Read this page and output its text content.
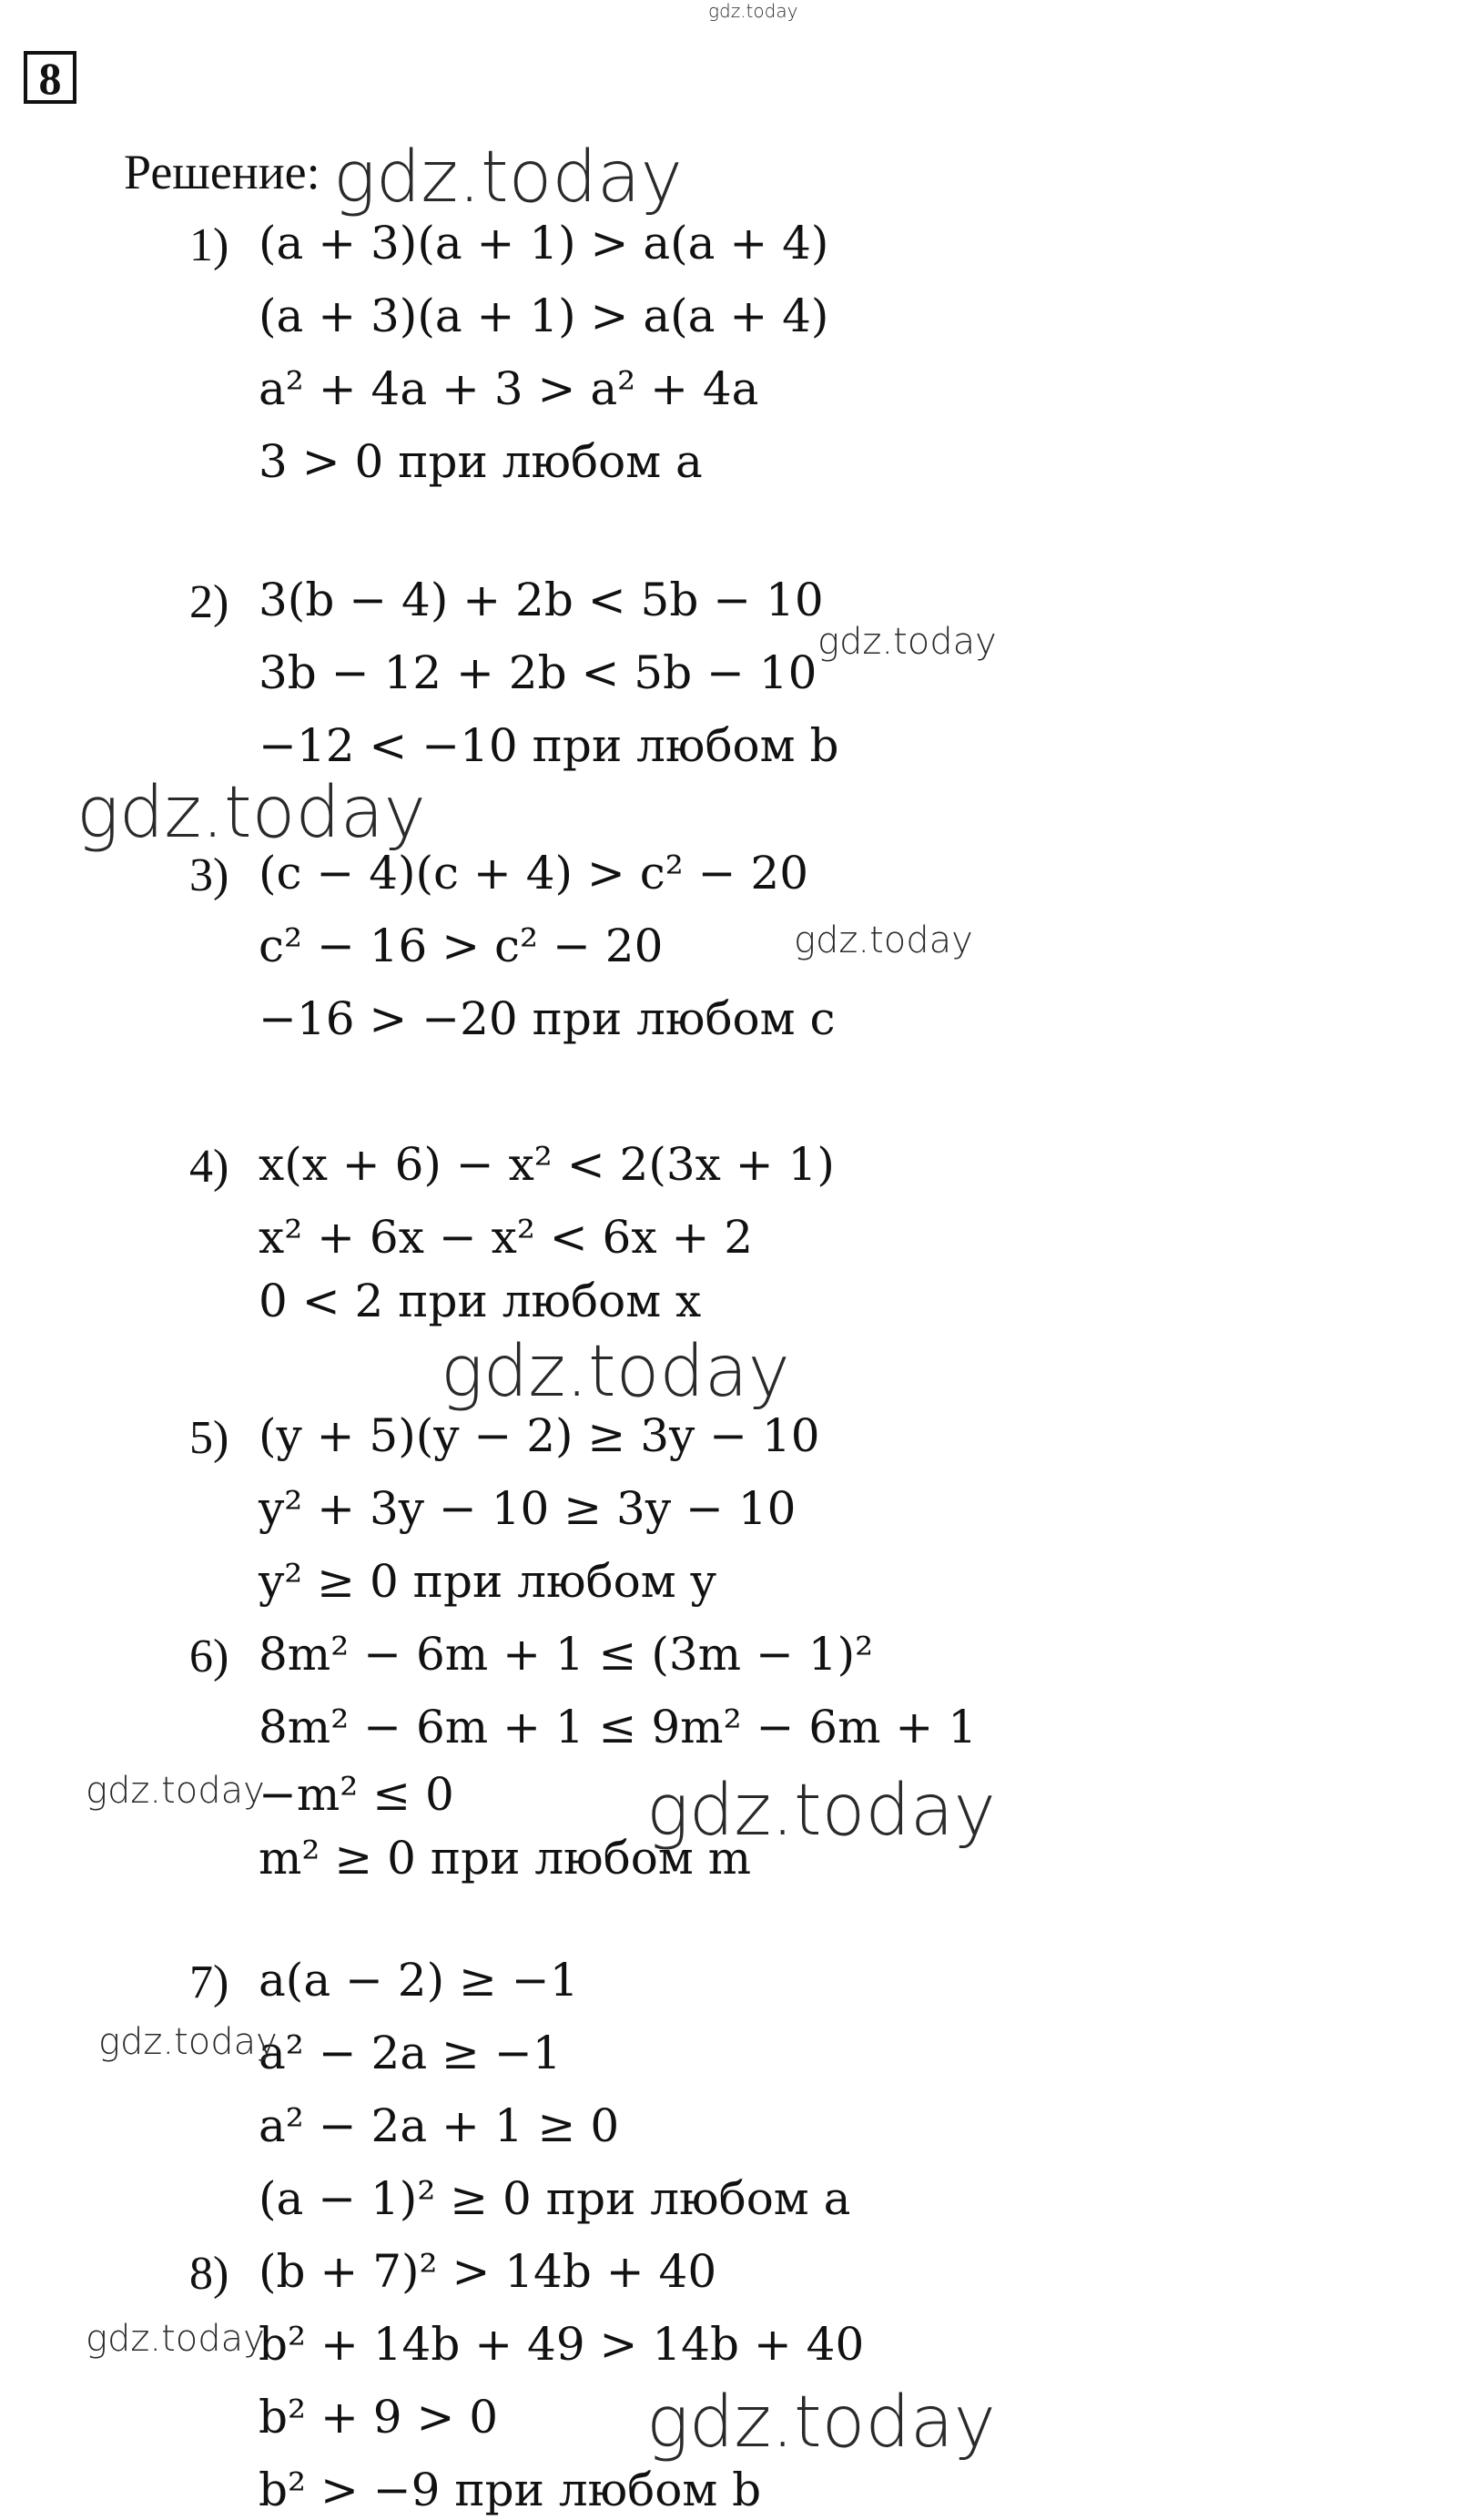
gdz.today
8
Решение:
1) (a + 3)(a + 1) > a(a + 4)
(a + 3)(a + 1) > a(a + 4)
a² + 4a + 3 > a² + 4a
3 > 0 при любом a
2) 3(b − 4) + 2b < 5b − 10
3b − 12 + 2b < 5b − 10
−12 < −10 при любом b
3) (c − 4)(c + 4) > c² − 20
c² − 16 > c² − 20
−16 > −20 при любом c
4) x(x + 6) − x² < 2(3x + 1)
x² + 6x − x² < 6x + 2
0 < 2 при любом x
5) (y + 5)(y − 2) ≥ 3y − 10
y² + 3y − 10 ≥ 3y − 10
y² ≥ 0 при любом y
6) 8m² − 6m + 1 ≤ (3m − 1)²
8m² − 6m + 1 ≤ 9m² − 6m + 1
−m² ≤ 0
m² ≥ 0 при любом m
7) a(a − 2) ≥ −1
a² − 2a ≥ −1
a² − 2a + 1 ≥ 0
(a − 1)² ≥ 0 при любом a
8) (b + 7)² > 14b + 40
b² + 14b + 49 > 14b + 40
b² + 9 > 0
b² > −9 при любом b
gdz.today
gdz.today
gdz.today
gdz.today
gdz.today
gdz.today	gdz.today
gdz.today
gdz.today
gdz.today
